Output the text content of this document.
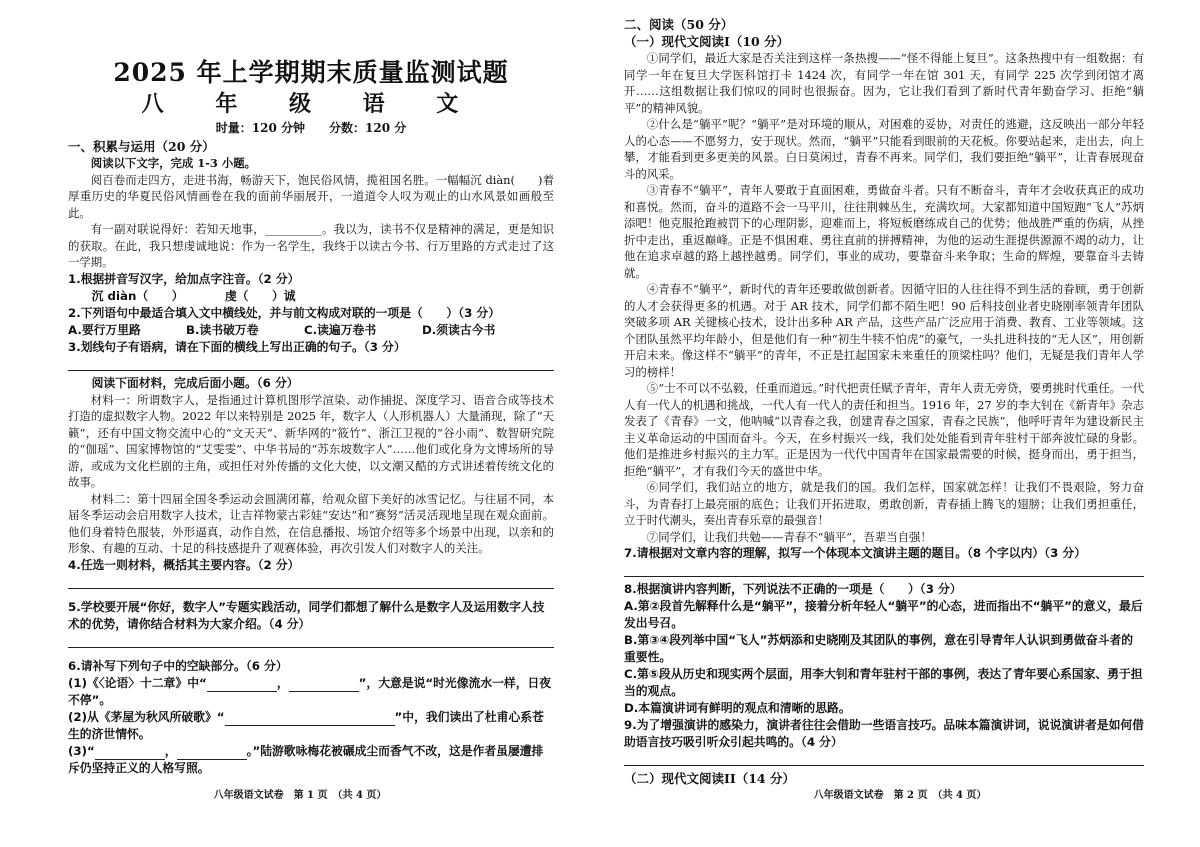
2025 年上学期期末质量监测试题

八 年 级 语 文

时量：120 分钟　　分数：120 分

一、积累与运用（20 分）

阅读以下文字，完成 1-3 小题。

阅百卷而走四方，走进书海，畅游天下，饱民俗风情，揽祖国名胜。一幅幅沉 diàn(　　)着厚重历史的华夏民俗风情画卷在我的面前华丽展开，一道道令人叹为观止的山水风景如画般至此。

有一副对联说得好：若知天地事，__________。我以为，读书不仅是精神的满足，更是知识的获取。在此，我只想虔诚地说：作为一名学生，我终于以读古今书、行万里路的方式走过了这一学期。

1.根据拼音写汉字，给加点字注音。（2 分）

沉 diàn（　　）　　　　虔（　　）诚

2.下列语句中最适合填入文中横线处，并与前文构成对联的一项是（　　）（3 分）

A.要行万里路	B.读书破万卷	C.读遍万卷书	D.须读古今书

3.划线句子有语病，请在下面的横线上写出正确的句子。（3 分）

阅读下面材料，完成后面小题。（6 分）

材料一：所谓数字人，是指通过计算机图形学渲染、动作捕捉、深度学习、语音合成等技术打造的虚拟数字人物。2022 年以来特别是 2025 年，数字人（人形机器人）大量涌现，除了“天籁”，还有中国文物交流中心的“文天天”、新华网的“筱竹”、浙江卫视的“谷小雨”、数智研究院的“伽瑶”、国家博物馆的“艾雯雯”、中华书局的“苏东坡数字人”……他们或化身为文博场所的导游，或成为文化栏剧的主角，或担任对外传播的文化大使，以文潮又酷的方式讲述着传统文化的故事。

材料二：第十四届全国冬季运动会圆满闭幕，给观众留下美好的冰雪记忆。与往届不同，本届冬季运动会启用数字人技术，让吉祥物蒙古彩娃“安达”和“赛努”活灵活现地呈现在观众面前。他们身着特色服装，外形逼真，动作自然，在信息播报、场馆介绍等多个场景中出现，以亲和的形象、有趣的互动、十足的科技感提升了观赛体验，再次引发人们对数字人的关注。

4.任选一则材料，概括其主要内容。（2 分）

5.学校要开展“你好，数字人”专题实践活动，同学们都想了解什么是数字人及运用数字人技术的优势，请你结合材料为大家介绍。（4 分）

6.请补写下列句子中的空缺部分。（6 分）

(1)《〈论语〉十二章》中“	，	”，大意是说“时光像流水一样，日夜不停”。

(2)从《茅屋为秋风所破歌》“	”中，我们读出了杜甫心系苍生的济世情怀。

(3)“	，	。”陆游歌咏梅花被碾成尘而香气不改，这是作者虽屡遭排斥仍坚持正义的人格写照。

八年级语文试卷　第 1 页　（共 4 页）

二、阅读（50 分）

（一）现代文阅读I（10 分）

①同学们，最近大家是否关注到这样一条热搜——“怪不得能上复旦”。这条热搜中有一组数据：有同学一年在复旦大学医科馆打卡 1424 次，有同学一年在馆 301 天，有同学 225 次学到闭馆才离开……这组数据让我们惊叹的同时也很振奋。因为，它让我们看到了新时代青年勤奋学习、拒绝“躺平”的精神风貌。

②什么是“躺平”呢？“躺平”是对环境的顺从，对困难的妥协，对责任的逃避，这反映出一部分年轻人的心态——不愿努力，安于现状。然而，“躺平”只能看到眼前的天花板。你要站起来，走出去，向上攀，才能看到更多更美的风景。白日莫闲过，青春不再来。同学们，我们要拒绝“躺平”，让青春展现奋斗的风采。

③青春不“躺平”，青年人要敢于直面困难，勇做奋斗者。只有不断奋斗，青年才会收获真正的成功和喜悦。然而，奋斗的道路不会一马平川，往往荆棘丛生，充满坎坷。大家都知道中国短跑“飞人”苏炳添吧！他克服抢跑被罚下的心理阴影，迎难而上，将短板磨练成自己的优势；他战胜严重的伤病，从挫折中走出，重返巅峰。正是不惧困难、勇往直前的拼搏精神，为他的运动生涯提供源源不竭的动力，让他在追求卓越的路上越挫越勇。同学们，事业的成功，要靠奋斗来争取；生命的辉煌，要靠奋斗去铸就。

④青春不“躺平”，新时代的青年还要敢做创新者。因循守旧的人往往得不到生活的眷顾，勇于创新的人才会获得更多的机遇。对于 AR 技术，同学们都不陌生吧！90 后科技创业者史晓刚率领青年团队突破多项 AR 关键核心技术，设计出多种 AR 产品，这些产品广泛应用于消费、教育、工业等领域。这个团队虽然平均年龄小，但是他们有一种“初生牛犊不怕虎”的豪气，一头扎进科技的“无人区”，用创新开启未来。像这样不“躺平”的青年，不正是扛起国家未来重任的顶梁柱吗？他们，无疑是我们青年人学习的榜样！

⑤“士不可以不弘毅，任重而道远。”时代把责任赋予青年，青年人责无旁贷，要勇挑时代重任。一代人有一代人的机遇和挑战，一代人有一代人的责任和担当。1916 年，27 岁的李大钊在《新青年》杂志发表了《青春》一文，他呐喊“以青春之我，创建青春之国家，青春之民族”，他呼吁青年为建设新民主主义革命运动的中国而奋斗。今天，在乡村振兴一线，我们处处能看到青年驻村干部奔波忙碌的身影。他们是推进乡村振兴的主力军。正是因为一代代中国青年在国家最需要的时候，挺身而出，勇于担当，拒绝“躺平”，才有我们今天的盛世中华。

⑥同学们，我们站立的地方，就是我们的国。我们怎样，国家就怎样！让我们不畏艰险，努力奋斗，为青春打上最亮丽的底色；让我们开拓进取，勇敢创新，青春插上腾飞的翅膀；让我们勇担重任，立于时代潮头，奏出青春乐章的最强音！

⑦同学们，让我们共勉——青春不“躺平”，吾辈当自强！

7.请根据对文章内容的理解，拟写一个体现本文演讲主题的题目。（8 个字以内）（3 分）

8.根据演讲内容判断，下列说法不正确的一项是（　　）（3 分）

A.第②段首先解释什么是“躺平”，接着分析年轻人“躺平”的心态，进而指出不“躺平”的意义，最后发出号召。

B.第③④段列举中国“飞人”苏炳添和史晓刚及其团队的事例，意在引导青年人认识到勇做奋斗者的重要性。

C.第⑤段从历史和现实两个层面，用李大钊和青年驻村干部的事例，表达了青年要心系国家、勇于担当的观点。

D.本篇演讲词有鲜明的观点和清晰的思路。

9.为了增强演讲的感染力，演讲者往往会借助一些语言技巧。品味本篇演讲词，说说演讲者是如何借助语言技巧吸引听众引起共鸣的。（4 分）

（二）现代文阅读II（14 分）

八年级语文试卷　第 2 页　（共 4 页）
